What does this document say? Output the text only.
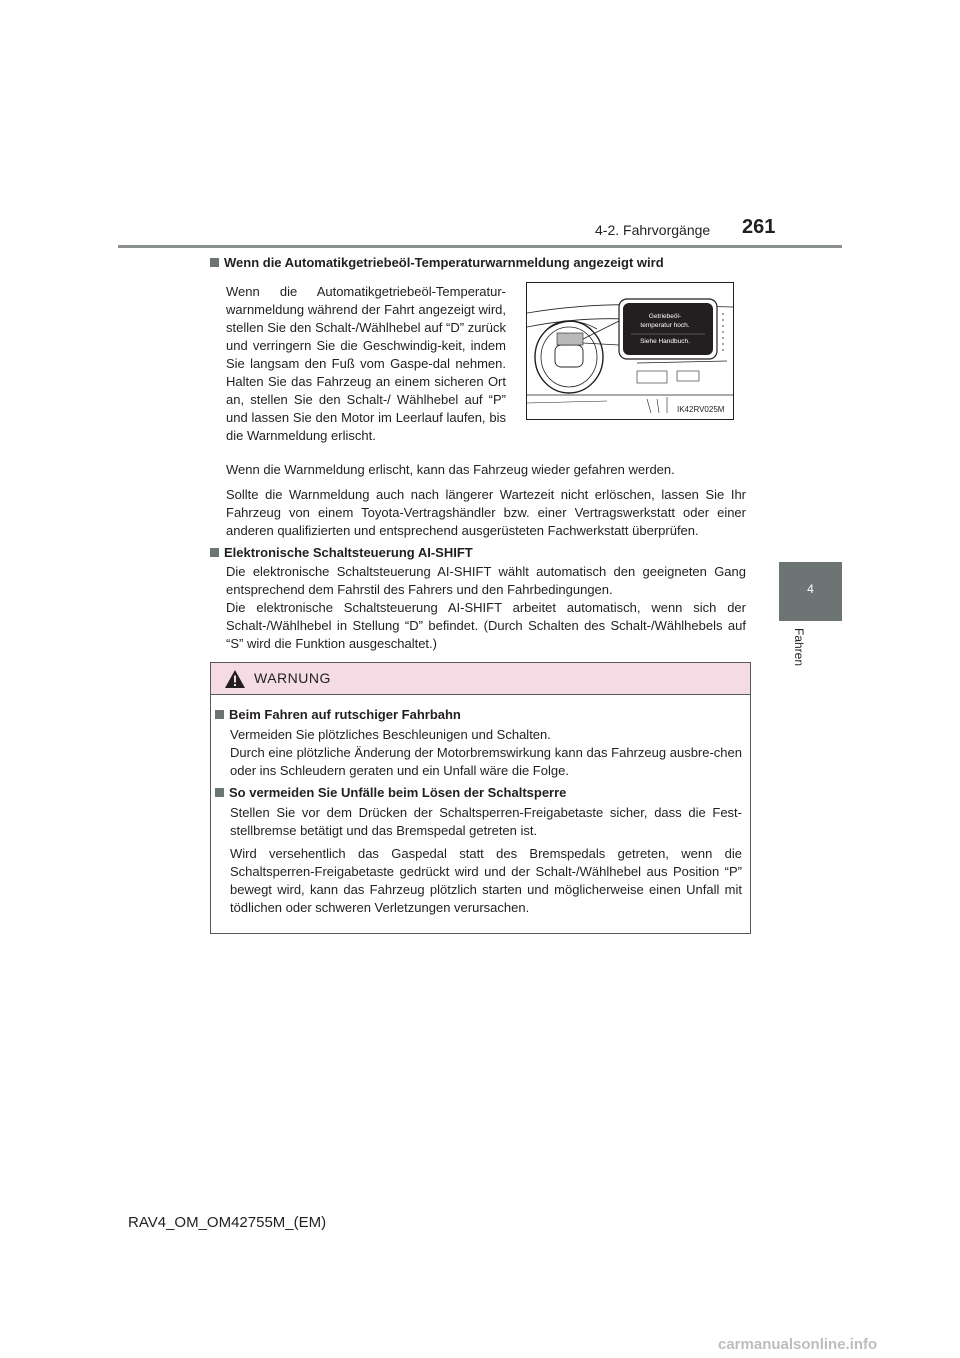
4-2. Fahrvorgänge 261
4
Fahren
Wenn die Automatikgetriebeöl-Temperaturwarnmeldung angezeigt wird
Wenn die Automatikgetriebeöl-Temperatur-warnmeldung während der Fahrt angezeigt wird, stellen Sie den Schalt-/Wählhebel auf “D” zurück und verringern Sie die Geschwindig-keit, indem Sie langsam den Fuß vom Gaspe-dal nehmen. Halten Sie das Fahrzeug an einem sicheren Ort an, stellen Sie den Schalt-/ Wählhebel auf “P” und lassen Sie den Motor im Leerlauf laufen, bis die Warnmeldung erlischt.
Getriebeöl-
temperatur hoch.
Siehe Handbuch.
IK42RV025M
Wenn die Warnmeldung erlischt, kann das Fahrzeug wieder gefahren werden.
Sollte die Warnmeldung auch nach längerer Wartezeit nicht erlöschen, lassen Sie Ihr Fahrzeug von einem Toyota-Vertragshändler bzw. einer Vertragswerkstatt oder einer anderen qualifizierten und entsprechend ausgerüsteten Fachwerkstatt überprüfen.
Elektronische Schaltsteuerung AI-SHIFT
Die elektronische Schaltsteuerung AI-SHIFT wählt automatisch den geeigneten Gang entsprechend dem Fahrstil des Fahrers und den Fahrbedingungen.
Die elektronische Schaltsteuerung AI-SHIFT arbeitet automatisch, wenn sich der Schalt-/Wählhebel in Stellung “D” befindet. (Durch Schalten des Schalt-/Wählhebels auf “S” wird die Funktion ausgeschaltet.)
WARNUNG
Beim Fahren auf rutschiger Fahrbahn
Vermeiden Sie plötzliches Beschleunigen und Schalten.
Durch eine plötzliche Änderung der Motorbremswirkung kann das Fahrzeug ausbre-chen oder ins Schleudern geraten und ein Unfall wäre die Folge.
So vermeiden Sie Unfälle beim Lösen der Schaltsperre
Stellen Sie vor dem Drücken der Schaltsperren-Freigabetaste sicher, dass die Fest-stellbremse betätigt und das Bremspedal getreten ist.
Wird versehentlich das Gaspedal statt des Bremspedals getreten, wenn die Schaltsperren-Freigabetaste gedrückt wird und der Schalt-/Wählhebel aus Position “P” bewegt wird, kann das Fahrzeug plötzlich starten und möglicherweise einen Unfall mit tödlichen oder schweren Verletzungen verursachen.
RAV4_OM_OM42755M_(EM)
carmanualsonline.info
